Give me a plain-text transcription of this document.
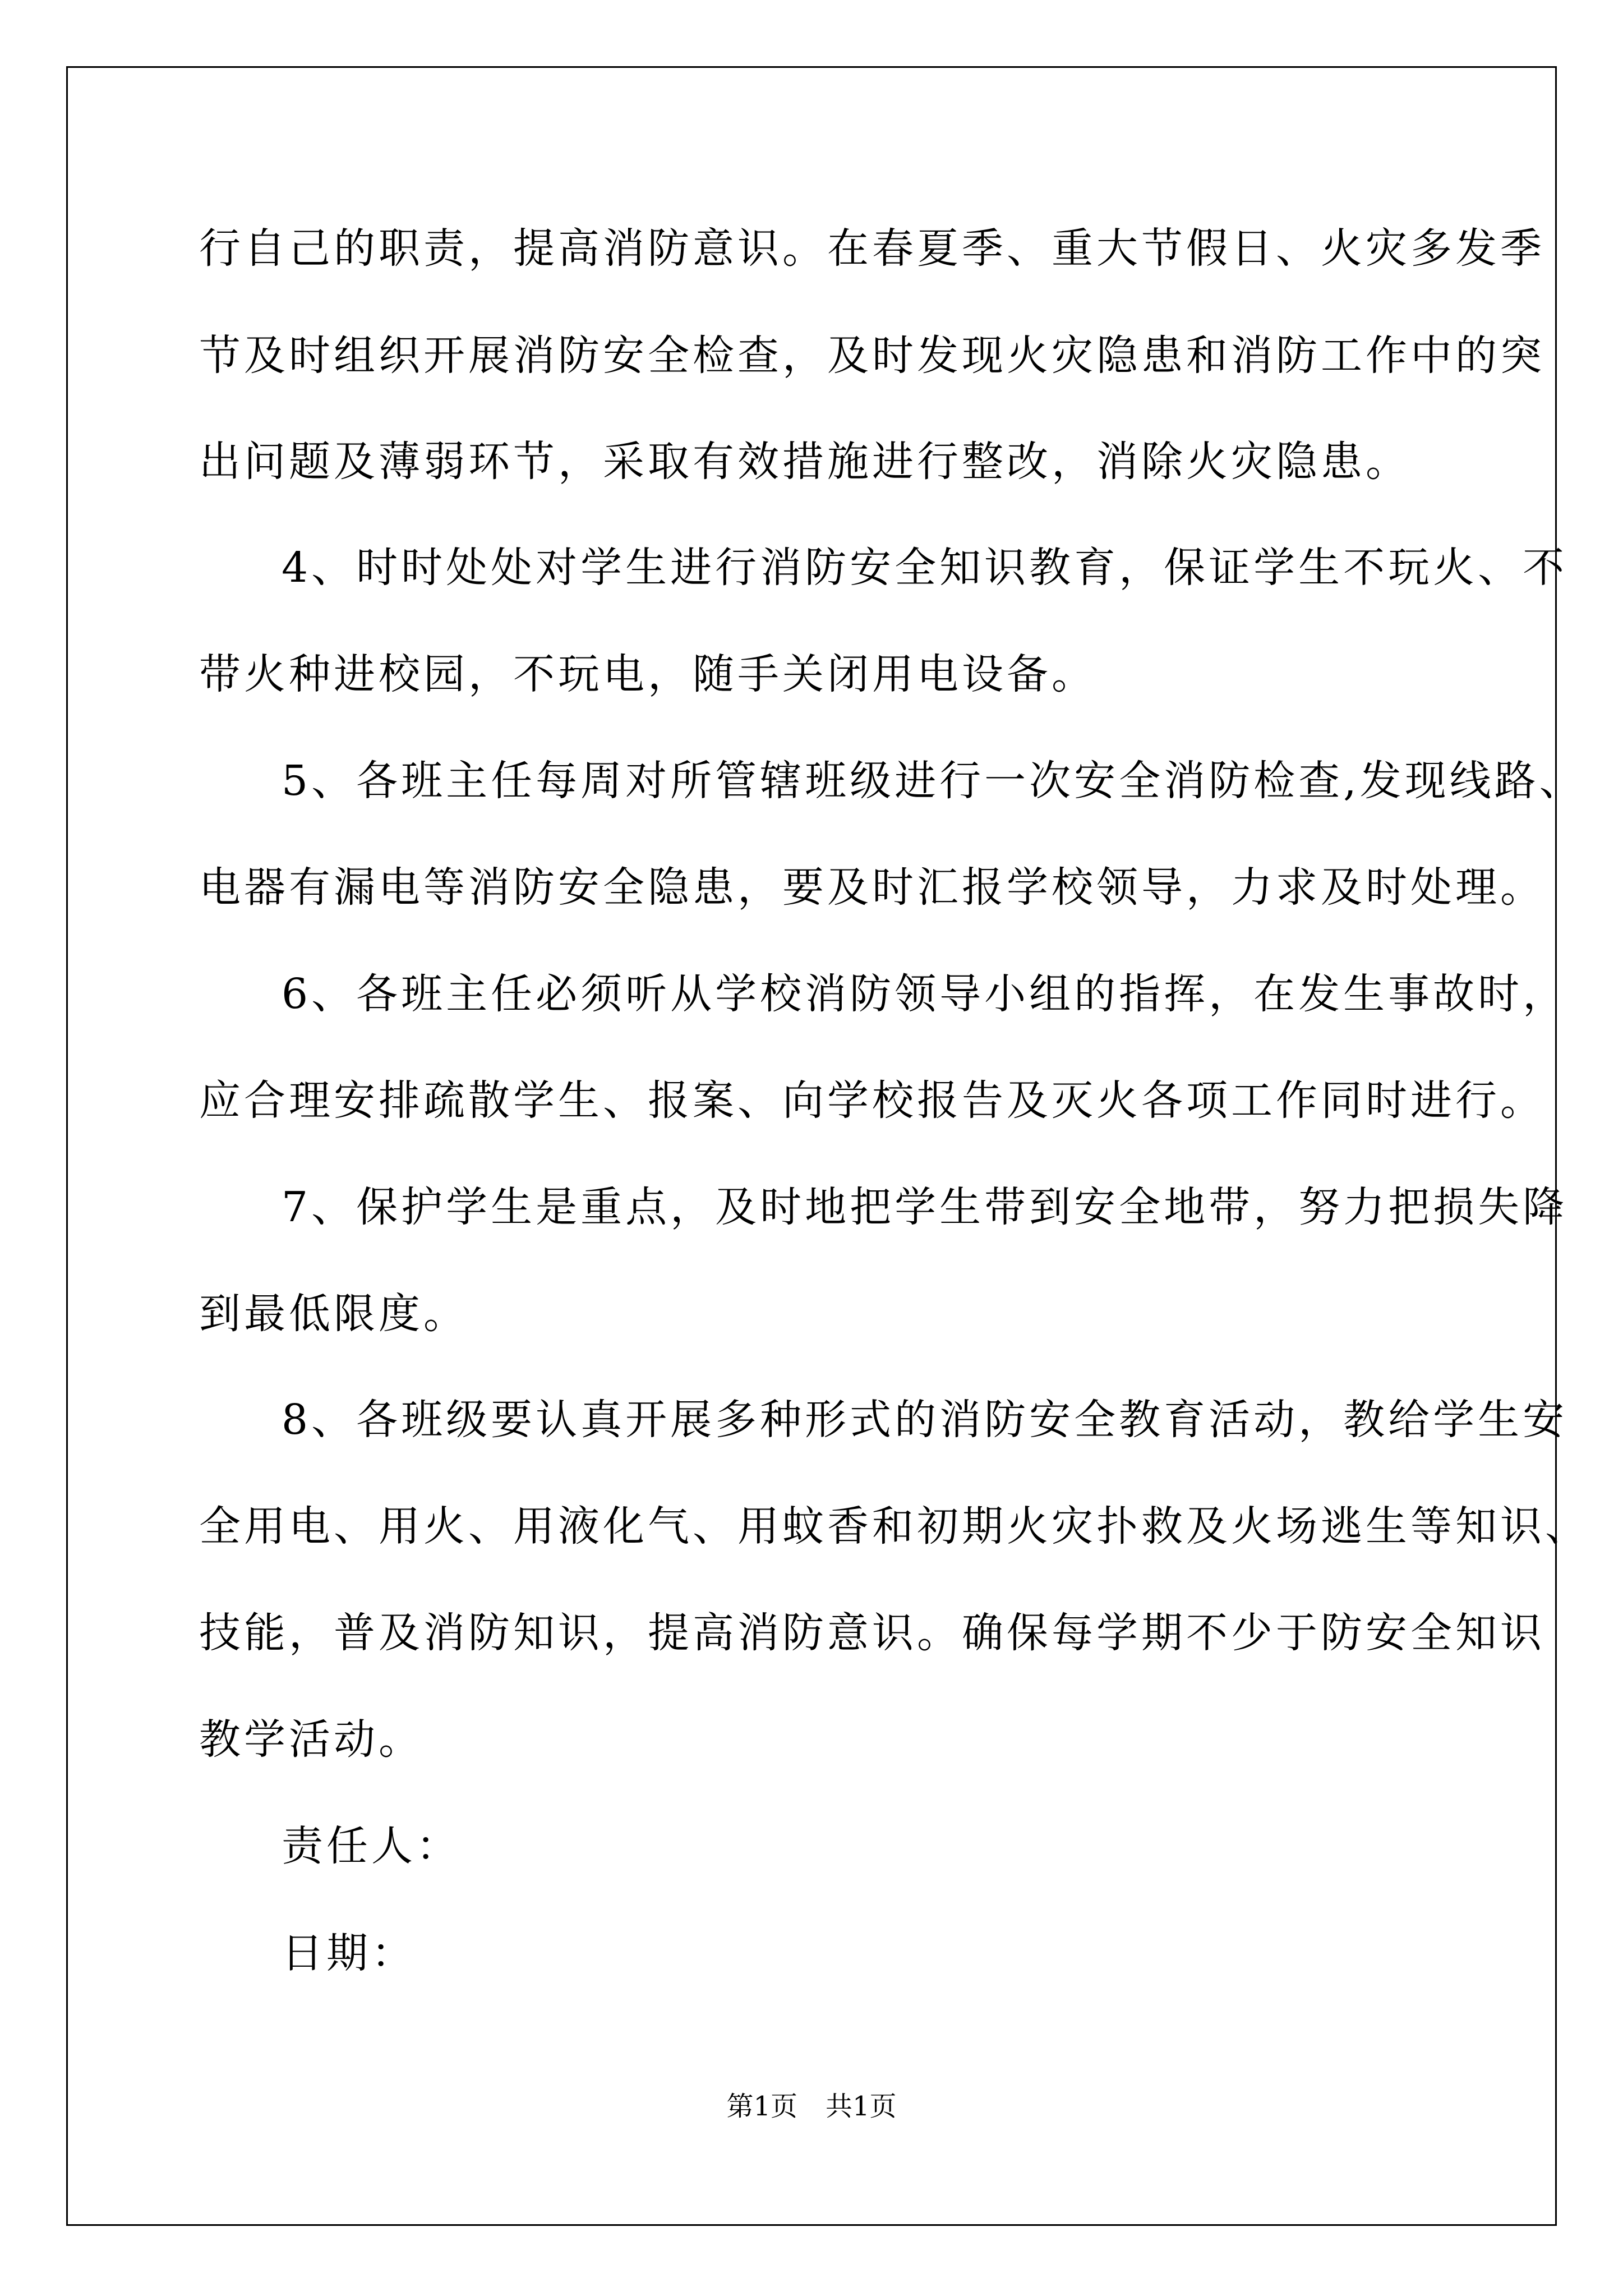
行自己的职责，提高消防意识。在春夏季、重大节假日、火灾多发季
节及时组织开展消防安全检查，及时发现火灾隐患和消防工作中的突
出问题及薄弱环节，采取有效措施进行整改，消除火灾隐患。
4、时时处处对学生进行消防安全知识教育，保证学生不玩火、不
带火种进校园，不玩电，随手关闭用电设备。
5、各班主任每周对所管辖班级进行一次安全消防检查,发现线路、
电器有漏电等消防安全隐患，要及时汇报学校领导，力求及时处理。
6、各班主任必须听从学校消防领导小组的指挥，在发生事故时，
应合理安排疏散学生、报案、向学校报告及灭火各项工作同时进行。
7、保护学生是重点，及时地把学生带到安全地带，努力把损失降
到最低限度。
8、各班级要认真开展多种形式的消防安全教育活动，教给学生安
全用电、用火、用液化气、用蚊香和初期火灾扑救及火场逃生等知识、
技能，普及消防知识，提高消防意识。确保每学期不少于防安全知识
教学活动。
责任人：
日期：
第1页 共1页
